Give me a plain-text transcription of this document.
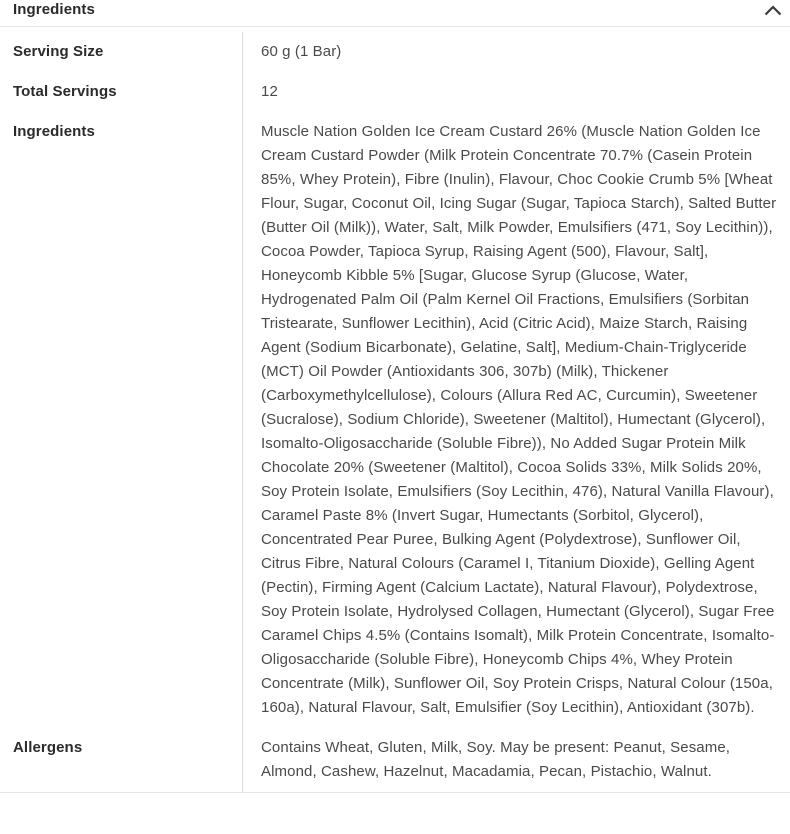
Ingredients
Serving Size	60 g (1 Bar)
Total Servings	12
Ingredients	Muscle Nation Golden Ice Cream Custard 26% (Muscle Nation Golden Ice Cream Custard Powder (Milk Protein Concentrate 70.7% (Casein Protein 85%, Whey Protein), Fibre (Inulin), Flavour, Choc Cookie Crumb 5% [Wheat Flour, Sugar, Coconut Oil, Icing Sugar (Sugar, Tapioca Starch), Salted Butter (Butter Oil (Milk)), Water, Salt, Milk Powder, Emulsifiers (471, Soy Lecithin)), Cocoa Powder, Tapioca Syrup, Raising Agent (500), Flavour, Salt], Honeycomb Kibble 5% [Sugar, Glucose Syrup (Glucose, Water, Hydrogenated Palm Oil (Palm Kernel Oil Fractions, Emulsifiers (Sorbitan Tristearate, Sunflower Lecithin), Acid (Citric Acid), Maize Starch, Raising Agent (Sodium Bicarbonate), Gelatine, Salt], Medium-Chain-Triglyceride (MCT) Oil Powder (Antioxidants 306, 307b) (Milk), Thickener (Carboxymethylcellulose), Colours (Allura Red AC, Curcumin), Sweetener (Sucralose), Sodium Chloride), Sweetener (Maltitol), Humectant (Glycerol), Isomalto-Oligosaccharide (Soluble Fibre)), No Added Sugar Protein Milk Chocolate 20% (Sweetener (Maltitol), Cocoa Solids 33%, Milk Solids 20%, Soy Protein Isolate, Emulsifiers (Soy Lecithin, 476), Natural Vanilla Flavour), Caramel Paste 8% (Invert Sugar, Humectants (Sorbitol, Glycerol), Concentrated Pear Puree, Bulking Agent (Polydextrose), Sunflower Oil, Citrus Fibre, Natural Colours (Caramel I, Titanium Dioxide), Gelling Agent (Pectin), Firming Agent (Calcium Lactate), Natural Flavour), Polydextrose, Soy Protein Isolate, Hydrolysed Collagen, Humectant (Glycerol), Sugar Free Caramel Chips 4.5% (Contains Isomalt), Milk Protein Concentrate, Isomalto-Oligosaccharide (Soluble Fibre), Honeycomb Chips 4%, Whey Protein Concentrate (Milk), Sunflower Oil, Soy Protein Crisps, Natural Colour (150a, 160a), Natural Flavour, Salt, Emulsifier (Soy Lecithin), Antioxidant (307b).
Allergens	Contains Wheat, Gluten, Milk, Soy. May be present: Peanut, Sesame, Almond, Cashew, Hazelnut, Macadamia, Pecan, Pistachio, Walnut.
